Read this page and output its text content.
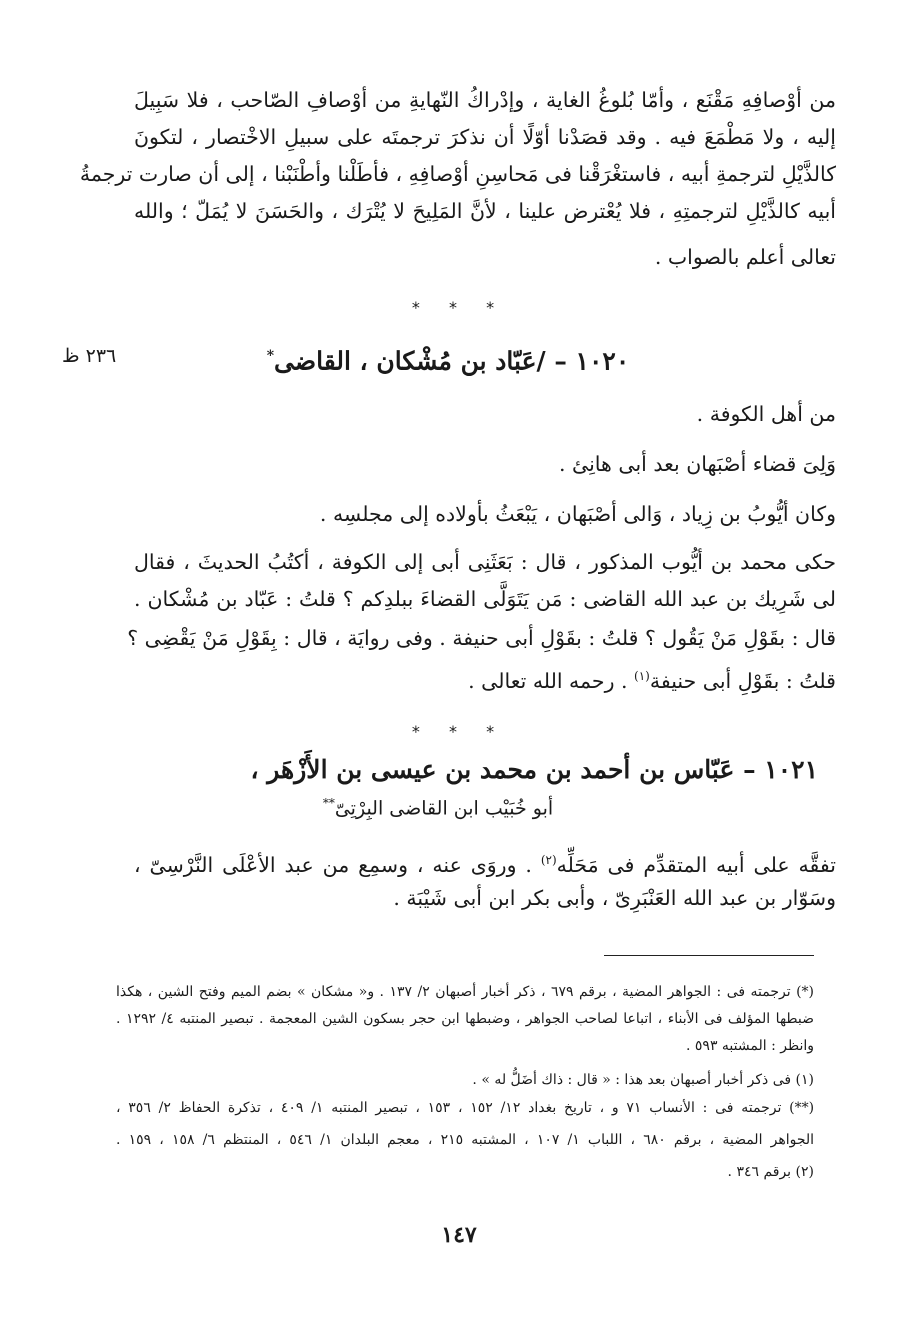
من أوْصافِهِ مَقْنَع ، وأمّا بُلوغُ الغاية ، وإدْراكُ النّهايةِ من أوْصافِ الصّاحب ، فلا سَبِيلَ
إليه ، ولا مَطْمَعَ فيه . وقد قصَدْنا أوّلًا أن نذكرَ ترجمتَه على سبيلِ الاخْتصار ، لتكونَ
كالذَّيْلِ لترجمةِ أبيه ، فاستغْرَقْنا فى مَحاسِنِ أوْصافِهِ ، فأطَلْنا وأطْنَبْنا ، إلى أن صارت ترجمةُ
أبيه كالذَّيْلِ لترجمتِهِ ، فلا يُعْترض علينا ، لأنَّ المَلِيحَ لا يُتْرَك ، والحَسَنَ لا يُمَلّ ؛ والله
تعالى أعلم بالصواب .
* * *
١٠٢٠ – /عَبّاد بن مُشْكان ، القاضى*
٢٣٦ ظ
من أهل الكوفة .
وَلِىَ قضاء أصْبَهان بعد أبى هانِئ .
وكان أيُّوبُ بن زِياد ، وَالى أصْبَهان ، يَبْعَثُ بأولاده إلى مجلسِه .
حكى محمد بن أيُّوب المذكور ، قال : بَعَثَنِى أبى إلى الكوفة ، أكتُبُ الحديثَ ، فقال
لى شَرِيك بن عبد الله القاضى : مَن يَتَوَلَّى القضاءَ ببلدِكم ؟ قلتُ : عَبّاد بن مُشْكان .
قال : بقَوْلِ مَنْ يَقُول ؟ قلتُ : بقَوْلِ أبى حنيفة . وفى روايَة ، قال : بِقَوْلِ مَنْ يَقْضِى ؟
قلتُ : بقَوْلِ أبى حنيفة$^{(١)}$ . رحمه الله تعالى .
* * *
١٠٢١ – عَبّاس بن أحمد بن محمد بن عيسى بن الأَزْهَر ،
أبو خُبَيْب ابن القاضى البِرْتِىّ**
تفقَّه على أبيه المتقدِّم فى مَحَلِّه$^{(٢)}$ . وروَى عنه ، وسمِع من عبد الأعْلَى النَّرْسِىّ ،
وسَوّار بن عبد الله العَنْبَرِىّ ، وأبى بكر ابن أبى شَيْبَة .
(*) ترجمته فى : الجواهر المضية ، برقم ٦٧٩ ، ذكر أخبار أصبهان ٢/ ١٣٧ . و« مشكان » بضم الميم وفتح الشين ، هكذا
ضبطها المؤلف فى الأبناء ، اتباعا لصاحب الجواهر ، وضبطها ابن حجر بسكون الشين المعجمة . تبصير المنتبه ٤/ ١٢٩٢ .
وانظر : المشتبه ٥٩٣ .
(١) فى ذكر أخبار أصبهان بعد هذا : « قال : ذاك أضَلُّ له » .
(**) ترجمته فى : الأنساب ٧١ و ، تاريخ بغداد ١٢/ ١٥٢ ، ١٥٣ ، تبصير المنتبه ١/ ٤٠٩ ، تذكرة الحفاظ ٢/ ٣٥٦ ،
الجواهر المضية ، برقم ٦٨٠ ، اللباب ١/ ١٠٧ ، المشتبه ٢١٥ ، معجم البلدان ١/ ٥٤٦ ، المنتظم ٦/ ١٥٨ ، ١٥٩ .
(٢) برقم ٣٤٦ .
١٤٧
